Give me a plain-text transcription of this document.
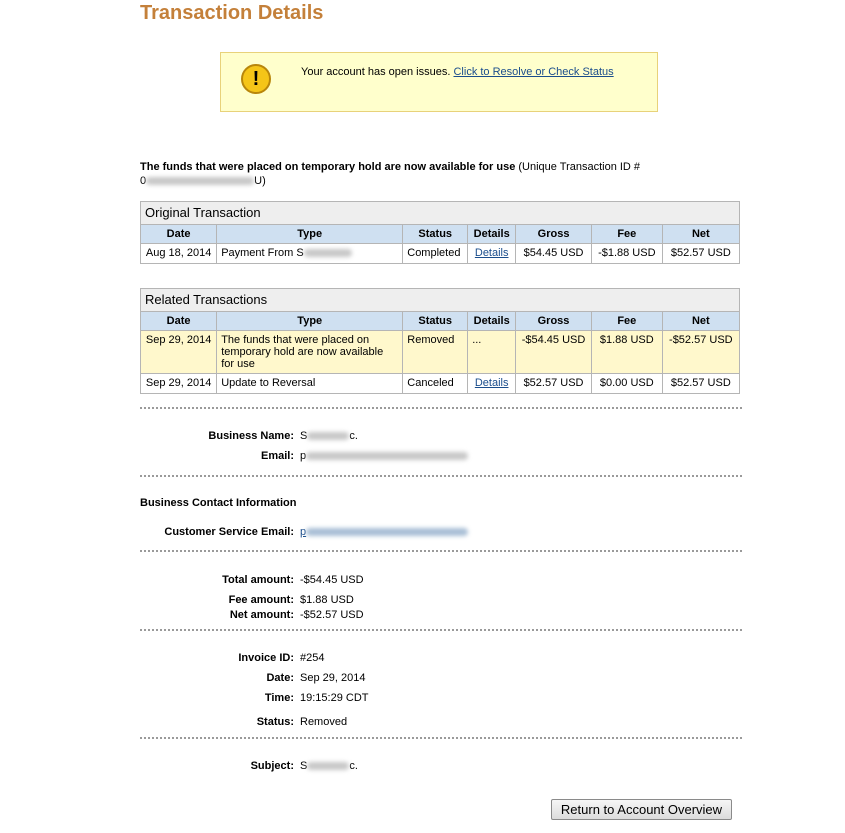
Transaction Details
!	Your account has open issues. Click to Resolve or Check Status
The funds that were placed on temporary hold are now available for use (Unique Transaction ID #
0	U)
Original Transaction
Date	Type	Status	Details	Gross	Fee	Net
Aug 18, 2014	Payment From S	Completed	Details	$54.45 USD	-$1.88 USD	$52.57 USD
Related Transactions
Date	Type	Status	Details	Gross	Fee	Net
Sep 29, 2014	The funds that were placed on temporary hold are now available for use	Removed	...	-$54.45 USD	$1.88 USD	-$52.57 USD
Sep 29, 2014	Update to Reversal	Canceled	Details	$52.57 USD	$0.00 USD	$52.57 USD
Business Name: S	c.
Email: p
Business Contact Information
Customer Service Email: p
Total amount: -$54.45 USD
Fee amount: $1.88 USD
Net amount: -$52.57 USD
Invoice ID: #254
Date: Sep 29, 2014
Time: 19:15:29 CDT
Status: Removed
Subject: S	c.
Return to Account Overview
